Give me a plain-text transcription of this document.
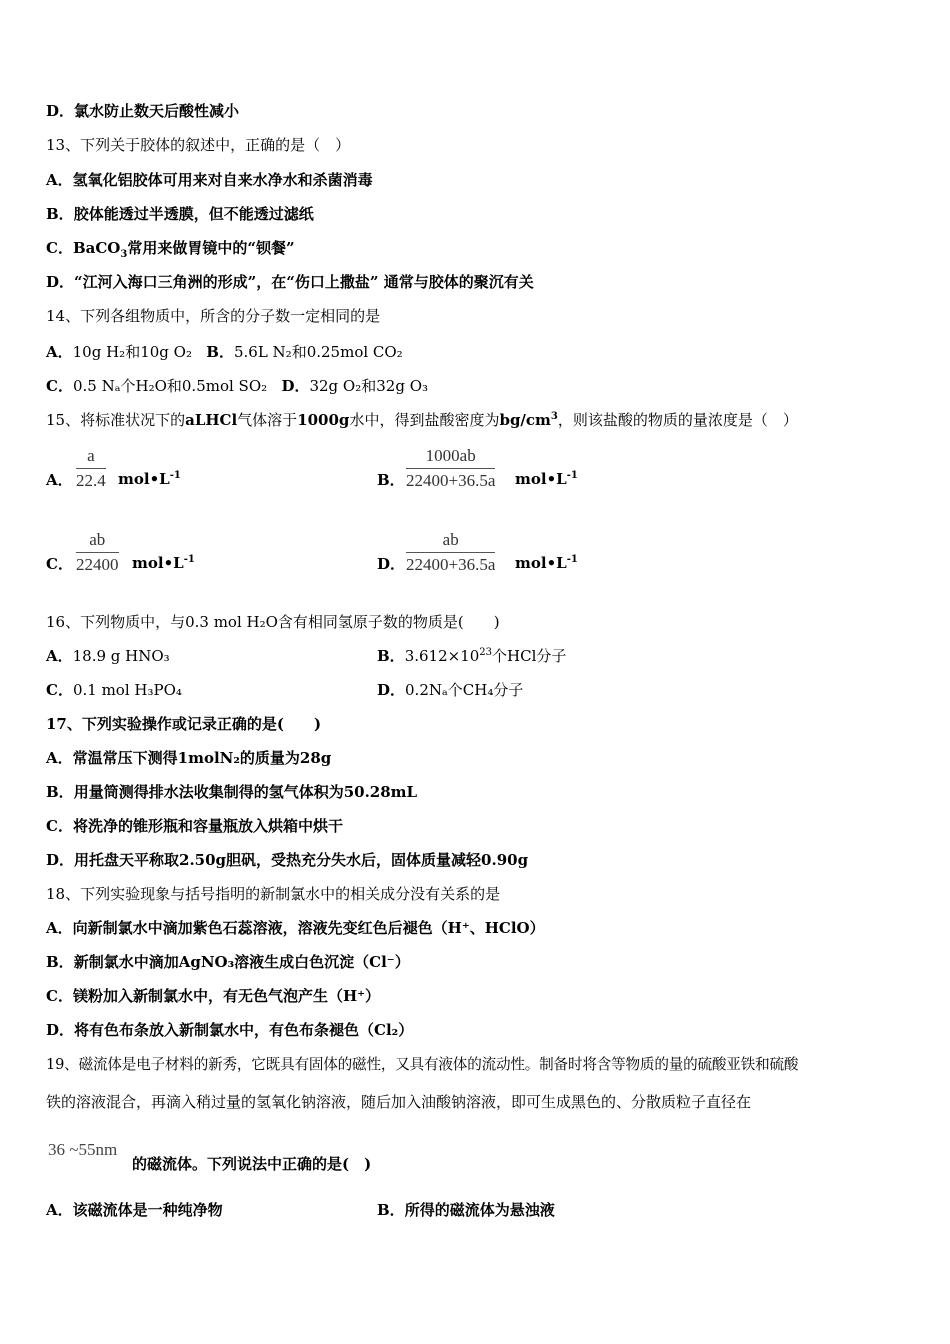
D．氯水防止数天后酸性减小
13、下列关于胶体的叙述中，正确的是（　）
A．氢氧化铝胶体可用来对自来水净水和杀菌消毒
B．胶体能透过半透膜，但不能透过滤纸
C．BaCO$_3$常用来做胃镜中的“钡餐”
D．“江河入海口三角洲的形成”，在“伤口上撒盐” 通常与胶体的聚沉有关
14、下列各组物质中，所含的分子数一定相同的是
A．10g H₂和10g O₂ B．5.6L N₂和0.25mol CO₂
C．0.5 Nₐ个H₂O和0.5mol SO₂ D．32g O₂和32g O₃
15、将标准状况下的aLHCl气体溶于1000g水中，得到盐酸密度为$bg/cm^3$，则该盐酸的物质的量浓度是（　）
A． $\frac{a}{22.4}$ $mol•L^{-1}$	B． $\frac{1000ab}{22400+36.5a}$ $mol•L^{-1}$
C． $\frac{ab}{22400}$ $mol•L^{-1}$	D． $\frac{ab}{22400+36.5a}$ $mol•L^{-1}$
16、下列物质中，与0.3 mol H₂O含有相同氢原子数的物质是(　　)
A．18.9 g HNO₃	B．$3.612\times 10^{23}$个HCl分子
C．0.1 mol H₃PO₄	D．0.2Nₐ个CH₄分子
17、下列实验操作或记录正确的是(　　)
A．常温常压下测得1molN₂的质量为28g
B．用量筒测得排水法收集制得的氢气体积为50.28mL
C．将洗净的锥形瓶和容量瓶放入烘箱中烘干
D．用托盘天平称取2.50g胆矾，受热充分失水后，固体质量减轻0.90g
18、下列实验现象与括号指明的新制氯水中的相关成分没有关系的是
A．向新制氯水中滴加紫色石蕊溶液，溶液先变红色后褪色（H⁺、HClO）
B．新制氯水中滴加AgNO₃溶液生成白色沉淀（Cl⁻）
C．镁粉加入新制氯水中，有无色气泡产生（H⁺）
D．将有色布条放入新制氯水中，有色布条褪色（Cl₂）
19、磁流体是电子材料的新秀，它既具有固体的磁性，又具有液体的流动性。制备时将含等物质的量的硫酸亚铁和硫酸
铁的溶液混合，再滴入稍过量的氢氧化钠溶液，随后加入油酸钠溶液，即可生成黑色的、分散质粒子直径在
36 ~55nm
的磁流体。下列说法中正确的是(　)
A．该磁流体是一种纯净物	B．所得的磁流体为悬浊液
